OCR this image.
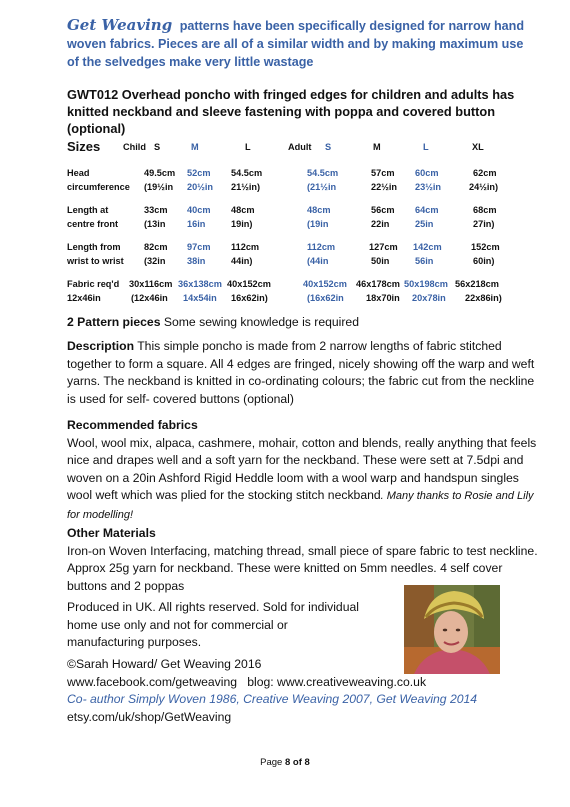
Get Weaving patterns have been specifically designed for narrow hand woven fabrics. Pieces are all of a similar width and by making maximum use of the selvedges make very little wastage
GWT012 Overhead poncho with fringed edges for children and adults has knitted neckband and sleeve fastening with poppa and covered button (optional)
Sizes Child S	M	L	Adult S	M	L	XL
Head	49.5cm 52cm 54.5cm	54.5cm	57cm 60cm	62cm
circumference (19½in 20½in 21½in)	(21½in	22½in 23½in	24½in)
Length at	33cm 40cm 48cm	48cm	56cm 64cm	68cm
centre front	(13in 16in	19in)	(19in	22in	25in	27in)
Length from	82cm 97cm 112cm	112cm	127cm 142cm	152cm
wrist to wrist (32in 38in	44in)	(44in	50in	56in	60in)
Fabric req'd 30x116cm 36x138cm 40x152cm	40x152cm 46x178cm 50x198cm 56x218cm
12x46in	(12x46in 14x54in 16x62in)	(16x62in 18x70in 20x78in 22x86in)
2 Pattern pieces Some sewing knowledge is required
Description This simple poncho is made from 2 narrow lengths of fabric stitched together to form a square. All 4 edges are fringed, nicely showing off the warp and weft yarns. The neckband is knitted in co-ordinating colours; the fabric cut from the neckline is used for self- covered buttons (optional)
Recommended fabrics
Wool, wool mix, alpaca, cashmere, mohair, cotton and blends, really anything that feels nice and drapes well and a soft yarn for the neckband. These were sett at 7.5dpi and woven on a 20in Ashford Rigid Heddle loom with a wool warp and handspun singles wool weft which was plied for the stocking stitch neckband. Many thanks to Rosie and Lily for modelling!
Other Materials
Iron-on Woven Interfacing, matching thread, small piece of spare fabric to test neckline. Approx 25g yarn for neckband. These were knitted on 5mm needles. 4 self cover buttons and 2 poppas
Produced in UK. All rights reserved. Sold for individual home use only and not for commercial or manufacturing purposes.
©Sarah Howard/ Get Weaving 2016
www.facebook.com/getweaving blog: www.creativeweaving.co.uk
Co- author Simply Woven 1986, Creative Weaving 2007, Get Weaving 2014
etsy.com/uk/shop/GetWeaving
Page 8 of 8
